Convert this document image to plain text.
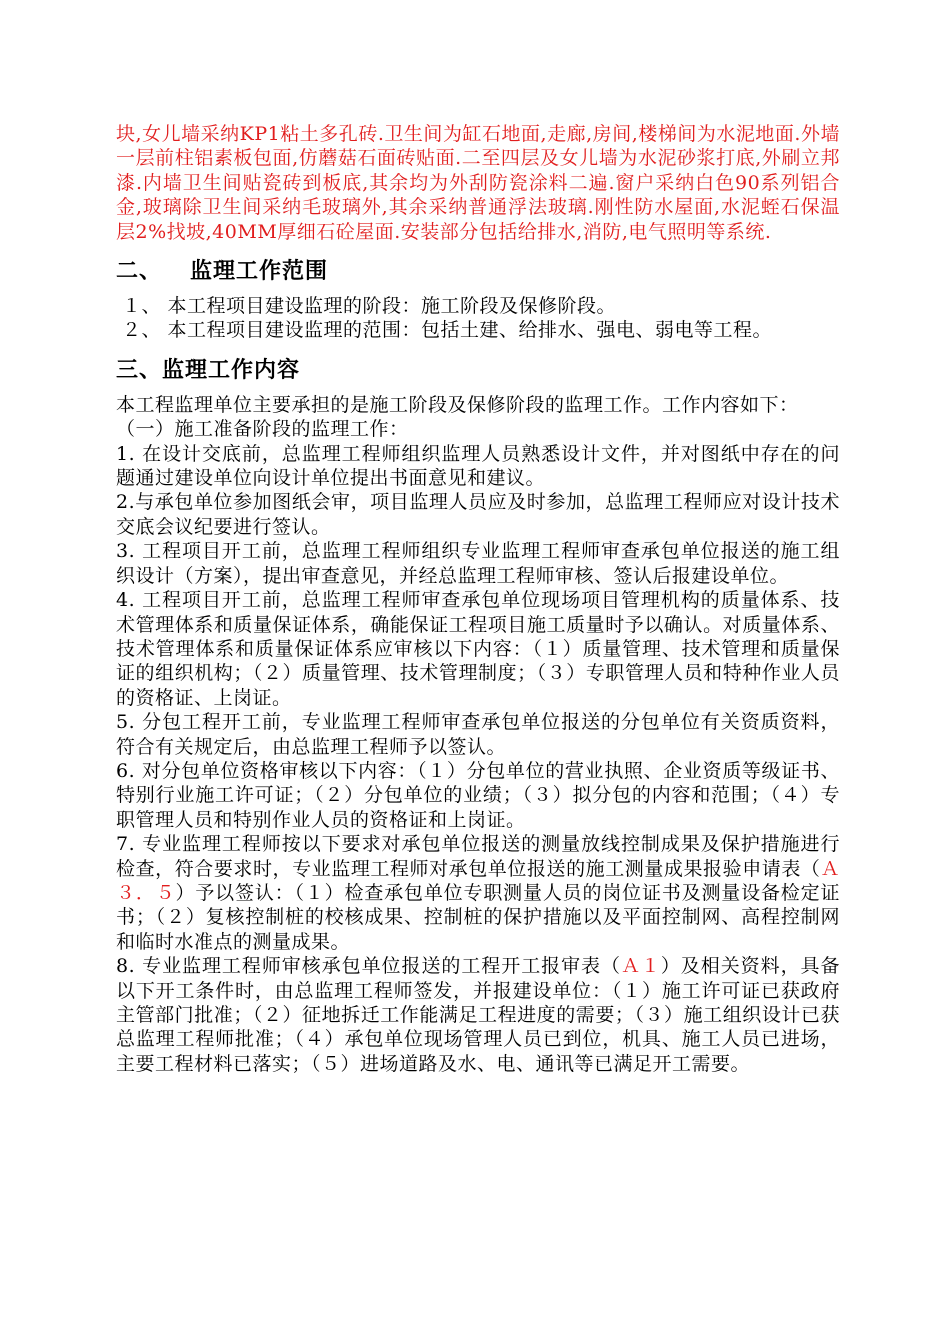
块,女儿墙采纳KP1粘土多孔砖.卫生间为缸石地面,走廊,房间,楼梯间为水泥地面.外墙一层前柱铝素板包面,仿蘑菇石面砖贴面.二至四层及女儿墙为水泥砂浆打底,外刷立邦漆.内墙卫生间贴瓷砖到板底,其余均为外刮防瓷涂料二遍.窗户采纳白色90系列铝合金,玻璃除卫生间采纳毛玻璃外,其余采纳普通浮法玻璃.刚性防水屋面,水泥蛭石保温层2%找坡,40MM厚细石砼屋面.安装部分包括给排水,消防,电气照明等系统.

二、 监理工作范围

１、 本工程项目建设监理的阶段：施工阶段及保修阶段。

２、 本工程项目建设监理的范围：包括土建、给排水、强电、弱电等工程。

三、监理工作内容

本工程监理单位主要承担的是施工阶段及保修阶段的监理工作。工作内容如下：

（一）施工准备阶段的监理工作：

1. 在设计交底前，总监理工程师组织监理人员熟悉设计文件，并对图纸中存在的问题通过建设单位向设计单位提出书面意见和建议。

2.与承包单位参加图纸会审，项目监理人员应及时参加，总监理工程师应对设计技术交底会议纪要进行签认。

3. 工程项目开工前，总监理工程师组织专业监理工程师审查承包单位报送的施工组织设计（方案），提出审查意见，并经总监理工程师审核、签认后报建设单位。

4. 工程项目开工前，总监理工程师审查承包单位现场项目管理机构的质量体系、技术管理体系和质量保证体系，确能保证工程项目施工质量时予以确认。对质量体系、技术管理体系和质量保证体系应审核以下内容：（１）质量管理、技术管理和质量保证的组织机构；（２）质量管理、技术管理制度；（３）专职管理人员和特种作业人员的资格证、上岗证。

5. 分包工程开工前，专业监理工程师审查承包单位报送的分包单位有关资质资料，符合有关规定后，由总监理工程师予以签认。

6. 对分包单位资格审核以下内容：（１）分包单位的营业执照、企业资质等级证书、特别行业施工许可证；（２）分包单位的业绩；（３）拟分包的内容和范围；（４）专职管理人员和特别作业人员的资格证和上岗证。

7. 专业监理工程师按以下要求对承包单位报送的测量放线控制成果及保护措施进行检查，符合要求时，专业监理工程师对承包单位报送的施工测量成果报验申请表（Ａ３．５）予以签认：（１）检查承包单位专职测量人员的岗位证书及测量设备检定证书；（２）复核控制桩的校核成果、控制桩的保护措施以及平面控制网、高程控制网和临时水准点的测量成果。

8. 专业监理工程师审核承包单位报送的工程开工报审表（Ａ１）及相关资料，具备以下开工条件时，由总监理工程师签发，并报建设单位：（１）施工许可证已获政府主管部门批准；（２）征地拆迁工作能满足工程进度的需要；（３）施工组织设计已获总监理工程师批准；（４）承包单位现场管理人员已到位，机具、施工人员已进场，主要工程材料已落实；（５）进场道路及水、电、通讯等已满足开工需要。
